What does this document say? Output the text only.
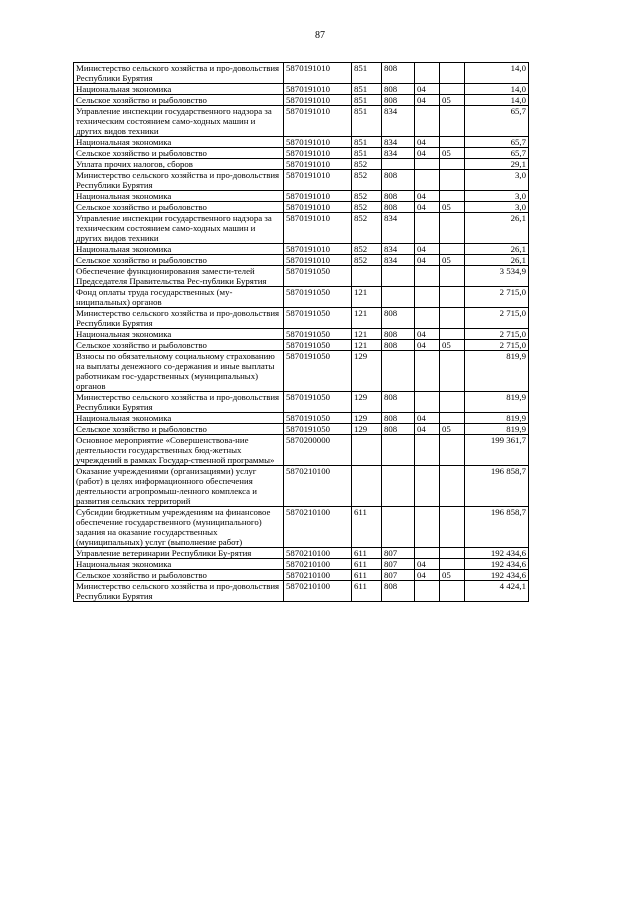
87
Министерство сельского хозяйства и про-довольствия Республики Бурятия	5870191010	851	808			14,0
Национальная экономика	5870191010	851	808	04		14,0
Сельское хозяйство и рыболовство	5870191010	851	808	04	05	14,0
Управление инспекции государственного надзора за техническим состоянием само-ходных машин и других видов техники	5870191010	851	834			65,7
Национальная экономика	5870191010	851	834	04		65,7
Сельское хозяйство и рыболовство	5870191010	851	834	04	05	65,7
Уплата прочих налогов, сборов	5870191010	852				29,1
Министерство сельского хозяйства и про-довольствия Республики Бурятия	5870191010	852	808			3,0
Национальная экономика	5870191010	852	808	04		3,0
Сельское хозяйство и рыболовство	5870191010	852	808	04	05	3,0
Управление инспекции государственного надзора за техническим состоянием само-ходных машин и других видов техники	5870191010	852	834			26,1
Национальная экономика	5870191010	852	834	04		26,1
Сельское хозяйство и рыболовство	5870191010	852	834	04	05	26,1
Обеспечение функционирования замести-телей Председателя Правительства Рес-публики Бурятия	5870191050					3 534,9
Фонд оплаты труда государственных (му-ниципальных) органов	5870191050	121				2 715,0
Министерство сельского хозяйства и про-довольствия Республики Бурятия	5870191050	121	808			2 715,0
Национальная экономика	5870191050	121	808	04		2 715,0
Сельское хозяйство и рыболовство	5870191050	121	808	04	05	2 715,0
Взносы по обязательному социальному страхованию на выплаты денежного со-держания и иные выплаты работникам гос-ударственных (муниципальных) органов	5870191050	129				819,9
Министерство сельского хозяйства и про-довольствия Республики Бурятия	5870191050	129	808			819,9
Национальная экономика	5870191050	129	808	04		819,9
Сельское хозяйство и рыболовство	5870191050	129	808	04	05	819,9
Основное мероприятие «Совершенствова-ние деятельности государственных бюд-жетных учреждений в рамках Государ-ственной программы»	5870200000					199 361,7
Оказание учреждениями (организациями) услуг (работ) в целях информационного обеспечения деятельности агропромыш-ленного комплекса и развития сельских территорий	5870210100					196 858,7
Субсидии бюджетным учреждениям на финансовое обеспечение государственного (муниципального) задания на оказание государственных (муниципальных) услуг (выполнение работ)	5870210100	611				196 858,7
Управление ветеринарии Республики Бу-рятия	5870210100	611	807			192 434,6
Национальная экономика	5870210100	611	807	04		192 434,6
Сельское хозяйство и рыболовство	5870210100	611	807	04	05	192 434,6
Министерство сельского хозяйства и про-довольствия Республики Бурятия	5870210100	611	808			4 424,1
